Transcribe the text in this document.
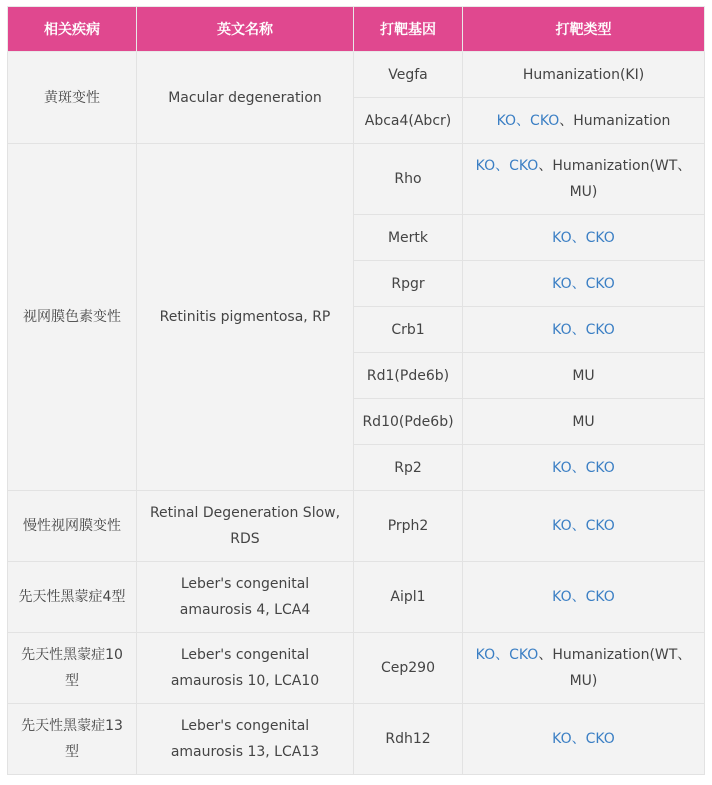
相关疾病	英文名称	打靶基因	打靶类型
黄斑变性	Macular degeneration	Vegfa	Humanization(KI)
		Abca4(Abcr)	KO、CKO、Humanization
视网膜色素变性	Retinitis pigmentosa, RP	Rho	KO、CKO、Humanization(WT、MU)
		Mertk	KO、CKO
		Rpgr	KO、CKO
		Crb1	KO、CKO
		Rd1(Pde6b)	MU
		Rd10(Pde6b)	MU
		Rp2	KO、CKO
慢性视网膜变性	Retinal Degeneration Slow, RDS	Prph2	KO、CKO
先天性黑蒙症4型	Leber's congenital amaurosis 4, LCA4	Aipl1	KO、CKO
先天性黑蒙症10型	Leber's congenital amaurosis 10, LCA10	Cep290	KO、CKO、Humanization(WT、MU)
先天性黑蒙症13型	Leber's congenital amaurosis 13, LCA13	Rdh12	KO、CKO
